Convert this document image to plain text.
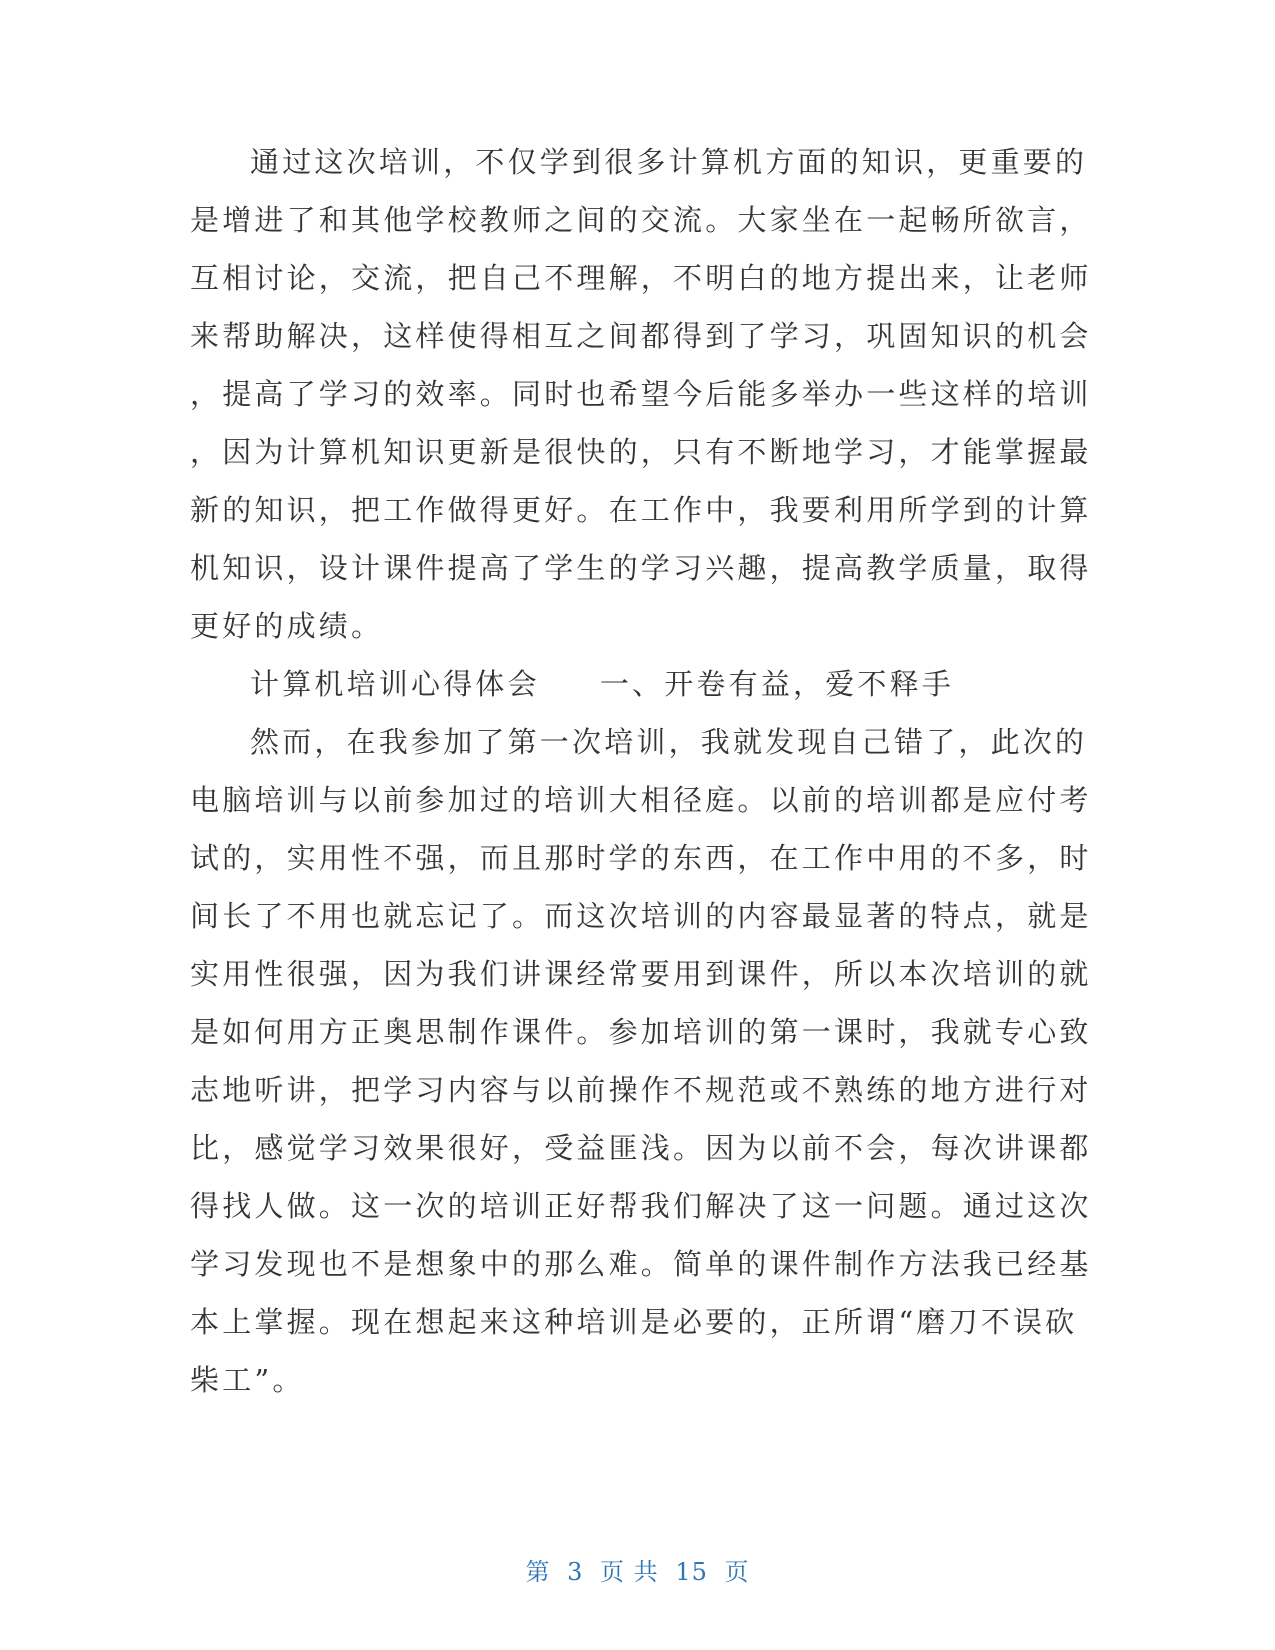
通过这次培训，不仅学到很多计算机方面的知识，更重要的
是增进了和其他学校教师之间的交流。大家坐在一起畅所欲言，
互相讨论，交流，把自己不理解，不明白的地方提出来，让老师
来帮助解决，这样使得相互之间都得到了学习，巩固知识的机会
，提高了学习的效率。同时也希望今后能多举办一些这样的培训
，因为计算机知识更新是很快的，只有不断地学习，才能掌握最
新的知识，把工作做得更好。在工作中，我要利用所学到的计算
机知识，设计课件提高了学生的学习兴趣，提高教学质量，取得
更好的成绩。
计算机培训心得体会 一、开卷有益，爱不释手
然而，在我参加了第一次培训，我就发现自己错了，此次的
电脑培训与以前参加过的培训大相径庭。以前的培训都是应付考
试的，实用性不强，而且那时学的东西，在工作中用的不多，时
间长了不用也就忘记了。而这次培训的内容最显著的特点，就是
实用性很强，因为我们讲课经常要用到课件，所以本次培训的就
是如何用方正奥思制作课件。参加培训的第一课时，我就专心致
志地听讲，把学习内容与以前操作不规范或不熟练的地方进行对
比，感觉学习效果很好，受益匪浅。因为以前不会，每次讲课都
得找人做。这一次的培训正好帮我们解决了这一问题。通过这次
学习发现也不是想象中的那么难。简单的课件制作方法我已经基
本上掌握。现在想起来这种培训是必要的，正所谓“磨刀不误砍
柴工”。
第 3 页 共 15 页
